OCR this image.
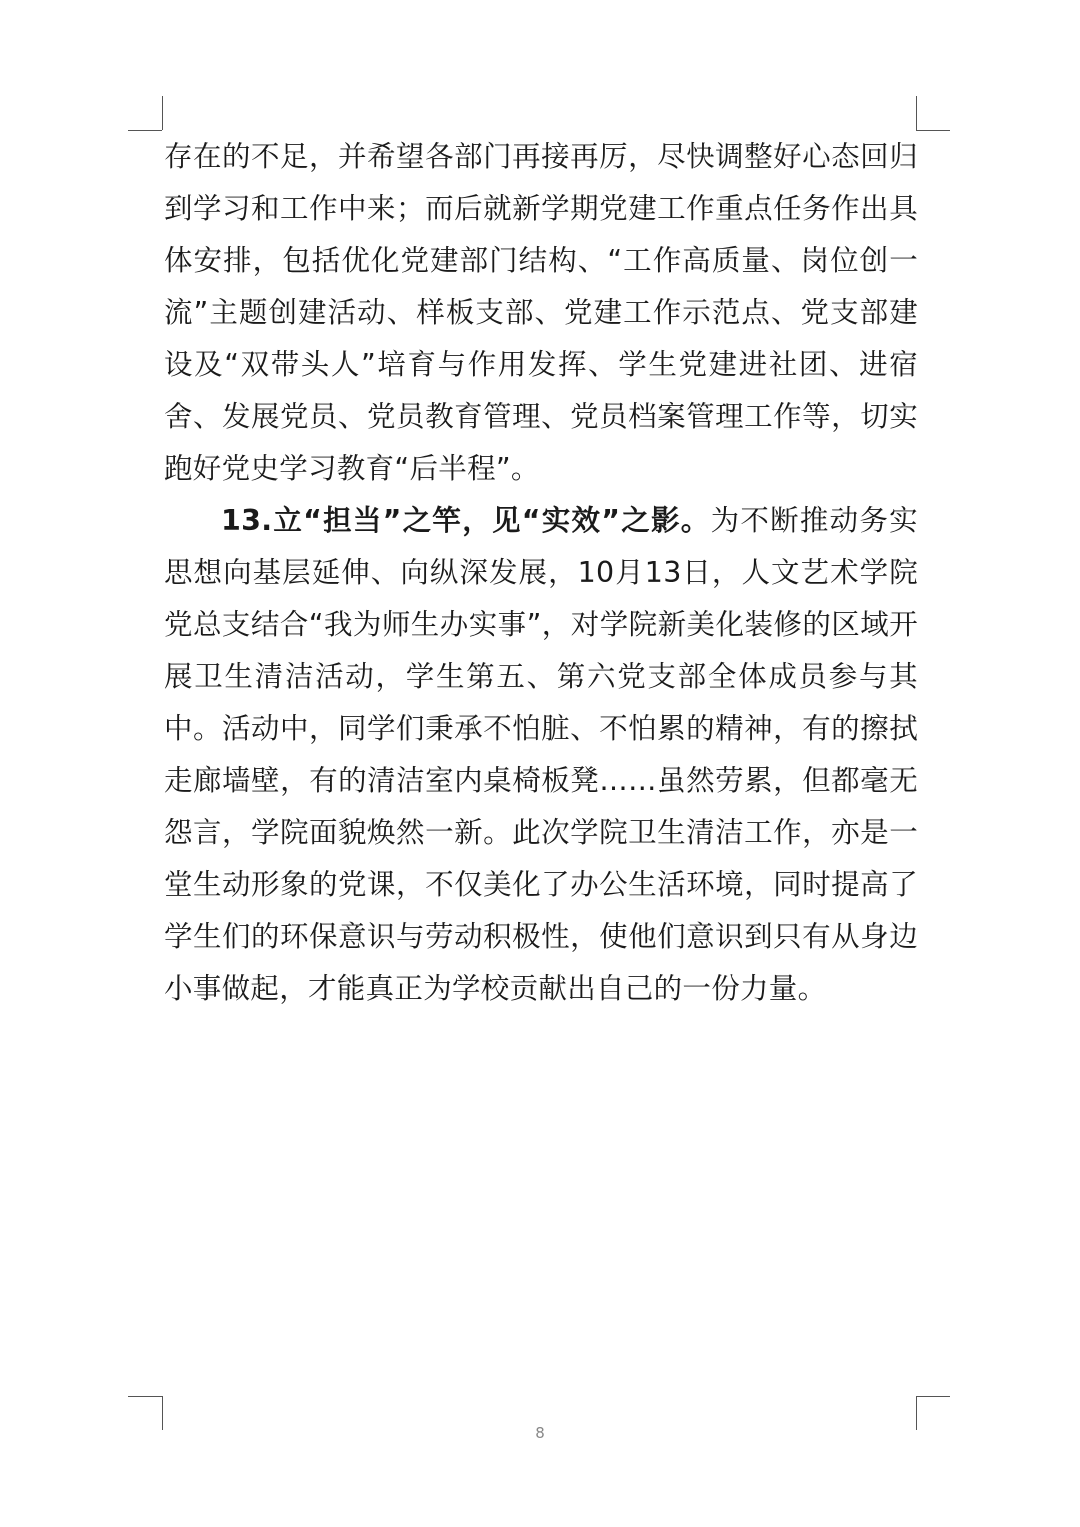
存在的不足，并希望各部门再接再厉，尽快调整好心态回归到学习和工作中来；而后就新学期党建工作重点任务作出具体安排，包括优化党建部门结构、“工作高质量、岗位创一流”主题创建活动、样板支部、党建工作示范点、党支部建设及“双带头人”培育与作用发挥、学生党建进社团、进宿舍、发展党员、党员教育管理、党员档案管理工作等，切实跑好党史学习教育“后半程”。

13.立“担当”之竿，见“实效”之影。为不断推动务实思想向基层延伸、向纵深发展，10月13日，人文艺术学院党总支结合“我为师生办实事”，对学院新美化装修的区域开展卫生清洁活动，学生第五、第六党支部全体成员参与其中。活动中，同学们秉承不怕脏、不怕累的精神，有的擦拭走廊墙壁，有的清洁室内桌椅板凳……虽然劳累，但都毫无怨言，学院面貌焕然一新。此次学院卫生清洁工作，亦是一堂生动形象的党课，不仅美化了办公生活环境，同时提高了学生们的环保意识与劳动积极性，使他们意识到只有从身边小事做起，才能真正为学校贡献出自己的一份力量。

8
